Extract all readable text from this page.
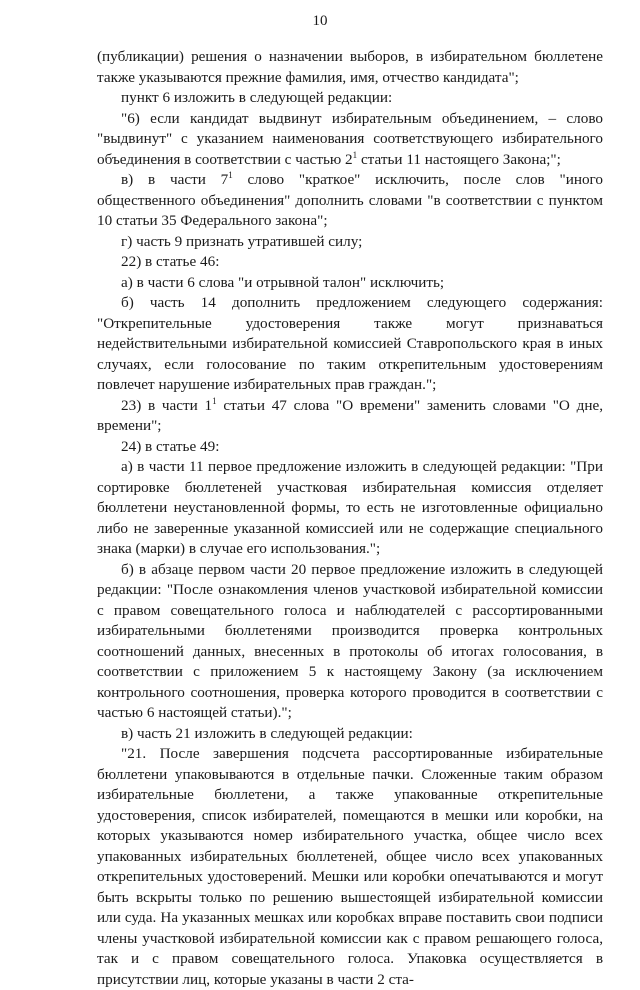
10

(публикации) решения о назначении выборов, в избирательном бюллетене также указываются прежние фамилия, имя, отчество кандидата";

пункт 6 изложить в следующей редакции:

"6) если кандидат выдвинут избирательным объединением, – слово "выдвинут" с указанием наименования соответствующего избирательного объединения в соответствии с частью $2^1$ статьи 11 настоящего Закона;";

в) в части $7^1$ слово "краткое" исключить, после слов "иного общественного объединения" дополнить словами "в соответствии с пунктом 10 статьи 35 Федерального закона";

г) часть 9 признать утратившей силу;

22) в статье 46:

а) в части 6 слова "и отрывной талон" исключить;

б) часть 14 дополнить предложением следующего содержания: "Открепительные удостоверения также могут признаваться недействительными избирательной комиссией Ставропольского края в иных случаях, если голосование по таким открепительным удостоверениям повлечет нарушение избирательных прав граждан.";

23) в части $1^1$ статьи 47 слова "О времени" заменить словами "О дне, времени";

24) в статье 49:

а) в части 11 первое предложение изложить в следующей редакции: "При сортировке бюллетеней участковая избирательная комиссия отделяет бюллетени неустановленной формы, то есть не изготовленные официально либо не заверенные указанной комиссией или не содержащие специального знака (марки) в случае его использования.";

б) в абзаце первом части 20 первое предложение изложить в следующей редакции: "После ознакомления членов участковой избирательной комиссии с правом совещательного голоса и наблюдателей с рассортированными избирательными бюллетенями производится проверка контрольных соотношений данных, внесенных в протоколы об итогах голосования, в соответствии с приложением 5 к настоящему Закону (за исключением контрольного соотношения, проверка которого проводится в соответствии с частью 6 настоящей статьи).";

в) часть 21 изложить в следующей редакции:

"21. После завершения подсчета рассортированные избирательные бюллетени упаковываются в отдельные пачки. Сложенные таким образом избирательные бюллетени, а также упакованные открепительные удостоверения, список избирателей, помещаются в мешки или коробки, на которых указываются номер избирательного участка, общее число всех упакованных избирательных бюллетеней, общее число всех упакованных открепительных удостоверений. Мешки или коробки опечатываются и могут быть вскрыты только по решению вышестоящей избирательной комиссии или суда. На указанных мешках или коробках вправе поставить свои подписи члены участковой избирательной комиссии как с правом решающего голоса, так и с правом совещательного голоса. Упаковка осуществляется в присутствии лиц, которые указаны в части 2 ста-
